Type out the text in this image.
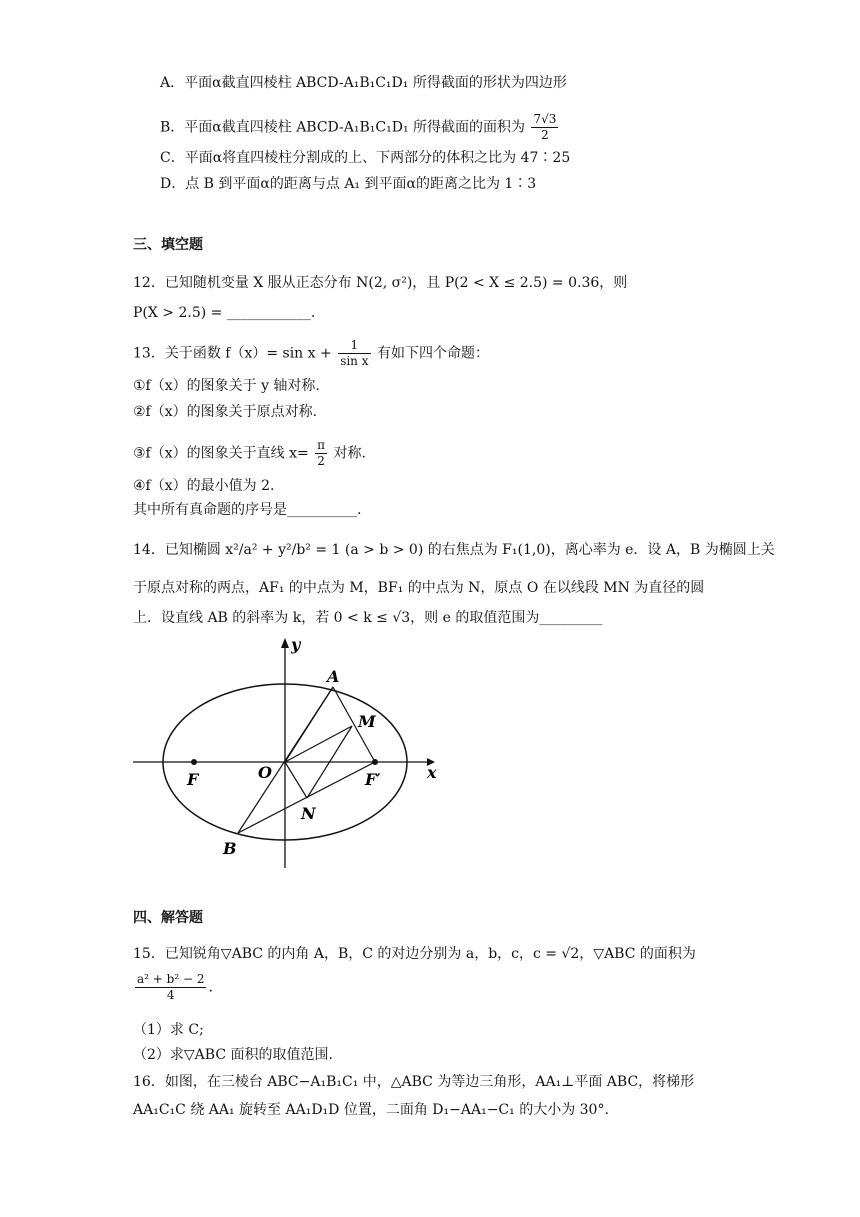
A．平面α截直四棱柱 ABCD-A₁B₁C₁D₁ 所得截面的形状为四边形
B．平面α截直四棱柱 ABCD-A₁B₁C₁D₁ 所得截面的面积为 $\frac{7√3}{2}$
C．平面α将直四棱柱分割成的上、下两部分的体积之比为 47∶25
D．点 B 到平面α的距离与点 A₁ 到平面α的距离之比为 1∶3
三、填空题
12．已知随机变量 X 服从正态分布 N(2, σ²)，且 P(2 < X ≤ 2.5) = 0.36，则
P(X > 2.5) = ____________.
13．关于函数 $f(x)= \sin x + \frac{1}{\text{sin x}}$ 有如下四个命题：
①f（x）的图象关于 y 轴对称.
②f（x）的图象关于原点对称.
③f（x）的图象关于直线 $x= \frac{\pi}{2}$ 对称.
④f（x）的最小值为 2.
其中所有真命题的序号是__________.
14．已知椭圆 x²/a² + y²/b² = 1 (a > b > 0) 的右焦点为 F₁(1,0)，离心率为 e．设 A，B 为椭圆上关
于原点对称的两点，AF₁ 的中点为 M，BF₁ 的中点为 N，原点 O 在以线段 MN 为直径的圆
上．设直线 AB 的斜率为 k，若 0 < k ≤ √3，则 e 的取值范围为_________
y
x
A
M
F	O	F′
N
B
四、解答题
15．已知锐角▽ABC 的内角 A，B，C 的对边分别为 a，b，c，c = √2，▽ABC 的面积为
$\frac{\text{a² + b² − 2}}{4}$ .
（1）求 C;
（2）求▽ABC 面积的取值范围.
16．如图，在三棱台 ABC−A₁B₁C₁ 中，△ABC 为等边三角形，AA₁⊥平面 ABC，将梯形
AA₁C₁C 绕 AA₁ 旋转至 AA₁D₁D 位置，二面角 D₁−AA₁−C₁ 的大小为 30°.
